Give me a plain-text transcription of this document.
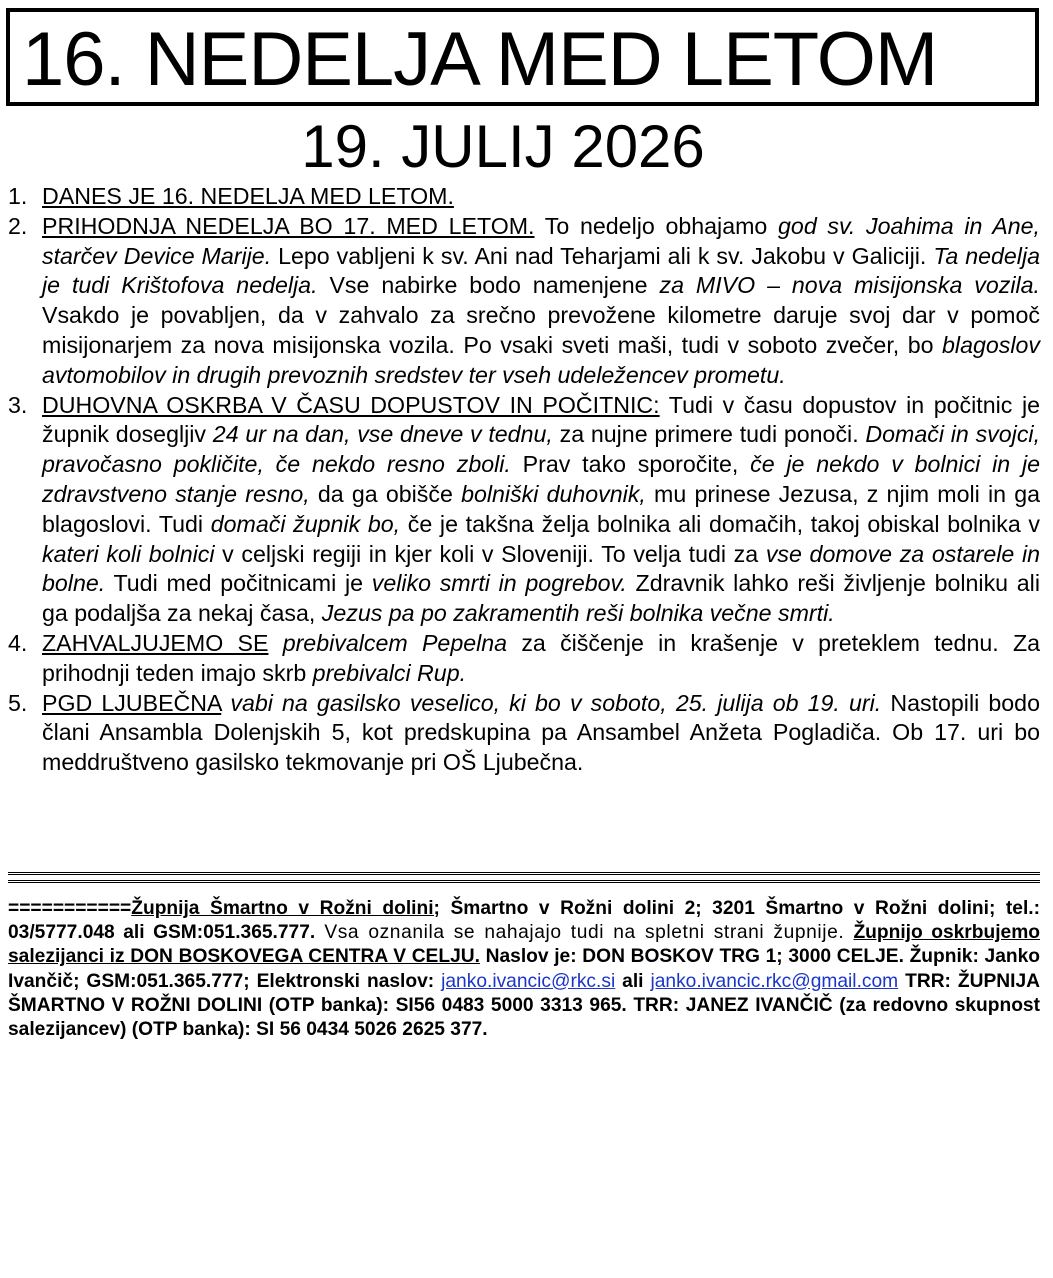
16. NEDELJA MED LETOM
19. JULIJ 2026
1. DANES JE 16. NEDELJA MED LETOM.
2. PRIHODNJA NEDELJA BO 17. MED LETOM. To nedeljo obhajamo god sv. Joahima in Ane, starčev Device Marije. Lepo vabljeni k sv. Ani nad Teharjami ali k sv. Jakobu v Galiciji. Ta nedelja je tudi Krištofova nedelja. Vse nabirke bodo namenjene za MIVO – nova misijonska vozila. Vsakdo je povabljen, da v zahvalo za srečno prevožene kilometre daruje svoj dar v pomoč misijonarjem za nova misijonska vozila. Po vsaki sveti maši, tudi v soboto zvečer, bo blagoslov avtomobilov in drugih prevoznih sredstev ter vseh udeležencev prometu.
3. DUHOVNA OSKRBA V ČASU DOPUSTOV IN POČITNIC: Tudi v času dopustov in počitnic je župnik dosegljiv 24 ur na dan, vse dneve v tednu, za nujne primere tudi ponoči. Domači in svojci, pravočasno pokličite, če nekdo resno zboli. Prav tako sporočite, če je nekdo v bolnici in je zdravstveno stanje resno, da ga obišče bolniški duhovnik, mu prinese Jezusa, z njim moli in ga blagoslovi. Tudi domači župnik bo, če je takšna želja bolnika ali domačih, takoj obiskal bolnika v kateri koli bolnici v celjski regiji in kjer koli v Sloveniji. To velja tudi za vse domove za ostarele in bolne. Tudi med počitnicami je veliko smrti in pogrebov. Zdravnik lahko reši življenje bolniku ali ga podaljša za nekaj časa, Jezus pa po zakramentih reši bolnika večne smrti.
4. ZAHVALJUJEMO SE prebivalcem Pepelna za čiščenje in krašenje v preteklem tednu. Za prihodnji teden imajo skrb prebivalci Rup.
5. PGD LJUBEČNA vabi na gasilsko veselico, ki bo v soboto, 25. julija ob 19. uri. Nastopili bodo člani Ansambla Dolenjskih 5, kot predskupina pa Ansambel Anžeta Pogladiča. Ob 17. uri bo meddruštveno gasilsko tekmovanje pri OŠ Ljubečna.
===========Župnija Šmartno v Rožni dolini; Šmartno v Rožni dolini 2; 3201 Šmartno v Rožni dolini; tel.: 03/5777.048 ali GSM:051.365.777. Vsa oznanila se nahajajo tudi na spletni strani župnije. Župnijo oskrbujemo salezijanci iz DON BOSKOVEGA CENTRA V CELJU. Naslov je: DON BOSKOV TRG 1; 3000 CELJE. Župnik: Janko Ivančič; GSM:051.365.777; Elektronski naslov: janko.ivancic@rkc.si ali janko.ivancic.rkc@gmail.com TRR: ŽUPNIJA ŠMARTNO V ROŽNI DOLINI (OTP banka): SI56 0483 5000 3313 965. TRR: JANEZ IVANČIČ (za redovno skupnost salezijancev) (OTP banka): SI 56 0434 5026 2625 377.
